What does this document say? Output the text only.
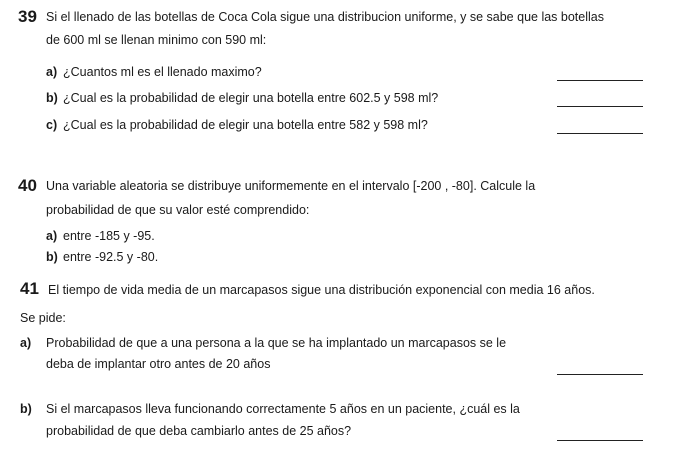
39 Si el llenado de las botellas de Coca Cola sigue una distribucion uniforme, y se sabe que las botellas
de 600 ml se llenan minimo con 590 ml:
a) ¿Cuantos ml es el llenado maximo?
b) ¿Cual es la probabilidad de elegir una botella entre 602.5 y 598 ml?
c) ¿Cual es la probabilidad de elegir una botella entre 582 y 598 ml?
40 Una variable aleatoria se distribuye uniformemente en el intervalo [-200 , -80]. Calcule la
probabilidad de que su valor esté comprendido:
a) entre -185 y -95.
b) entre -92.5 y -80.
41 El tiempo de vida media de un marcapasos sigue una distribución exponencial con media 16 años.
Se pide:
a) Probabilidad de que a una persona a la que se ha implantado un marcapasos se le
deba de implantar otro antes de 20 años
b) Si el marcapasos lleva funcionando correctamente 5 años en un paciente, ¿cuál es la
probabilidad de que deba cambiarlo antes de 25 años?
